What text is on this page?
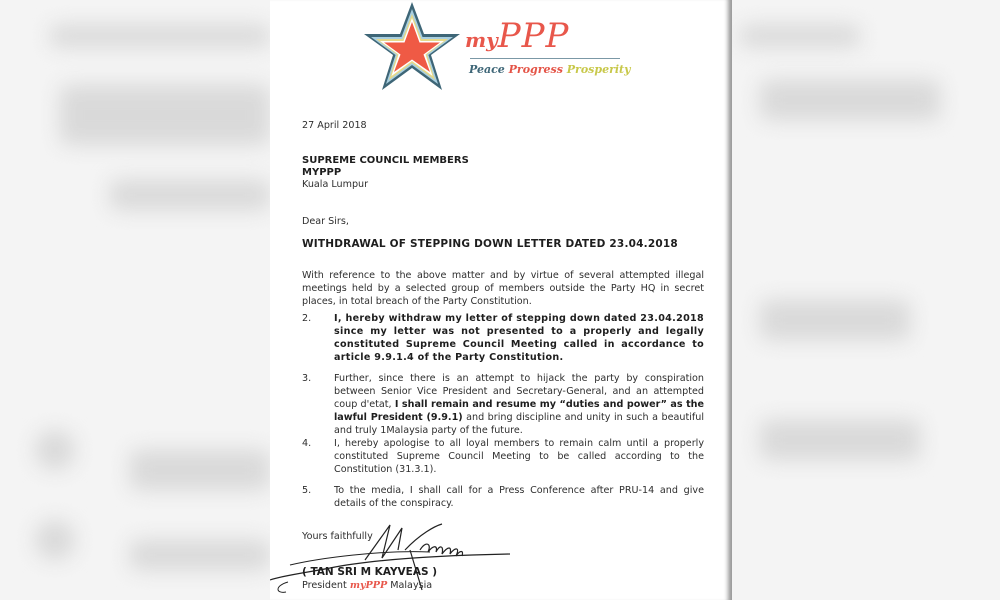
myPPP
Peace Progress Prosperity
27 April 2018
SUPREME COUNCIL MEMBERS
MYPPP
Kuala Lumpur
Dear Sirs,
WITHDRAWAL OF STEPPING DOWN LETTER DATED 23.04.2018
With reference to the above matter and by virtue of several attempted illegal meetings held by a selected group of members outside the Party HQ in secret places, in total breach of the Party Constitution.
2. I, hereby withdraw my letter of stepping down dated 23.04.2018 since my letter was not presented to a properly and legally constituted Supreme Council Meeting called in accordance to article 9.9.1.4 of the Party Constitution.
3. Further, since there is an attempt to hijack the party by conspiration between Senior Vice President and Secretary-General, and an attempted coup d'etat, I shall remain and resume my “duties and power” as the lawful President (9.9.1) and bring discipline and unity in such a beautiful and truly 1Malaysia party of the future.
4. I, hereby apologise to all loyal members to remain calm until a properly constituted Supreme Council Meeting to be called according to the Constitution (31.3.1).
5. To the media, I shall call for a Press Conference after PRU-14 and give details of the conspiracy.
Yours faithfully
( TAN SRI M KAYVEAS )
President myPPP Malaysia
